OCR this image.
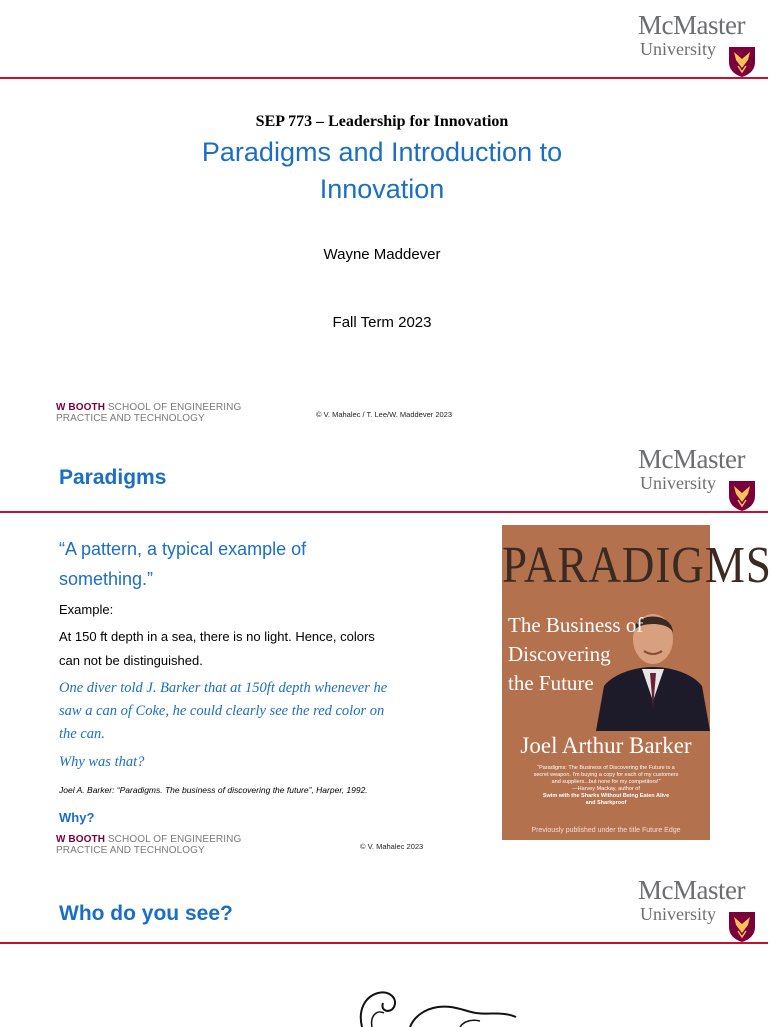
McMaster
University
SEP 773 – Leadership for Innovation
Paradigms and Introduction to
Innovation
Wayne Maddever
Fall Term 2023
W BOOTH SCHOOL OF ENGINEERING
PRACTICE AND TECHNOLOGY	© V. Mahalec / T. Lee/W. Maddever 2023
McMaster
University
Paradigms
“A pattern, a typical example of
something.”
Example:
At 150 ft depth in a sea, there is no light. Hence, colors
can not be distinguished.
One diver told J. Barker that at 150ft depth whenever he
saw a can of Coke, he could clearly see the red color on
the can.
Why was that?
Joel A. Barker: “Paradigms. The business of discovering the future”, Harper, 1992.
Why?
W BOOTH SCHOOL OF ENGINEERING
PRACTICE AND TECHNOLOGY	© V. Mahalec 2023
PARADIGMS
The Business of
Discovering
the Future
Joel Arthur Barker
“Paradigms: The Business of Discovering the Future is a
secret weapon. I'm buying a copy for each of my customers
and suppliers...but none for my competitors!”
—Harvey Mackay, author of
Swim with the Sharks Without Being Eaten Alive
and Sharkproof
Previously published under the title Future Edge
McMaster
University
Who do you see?
